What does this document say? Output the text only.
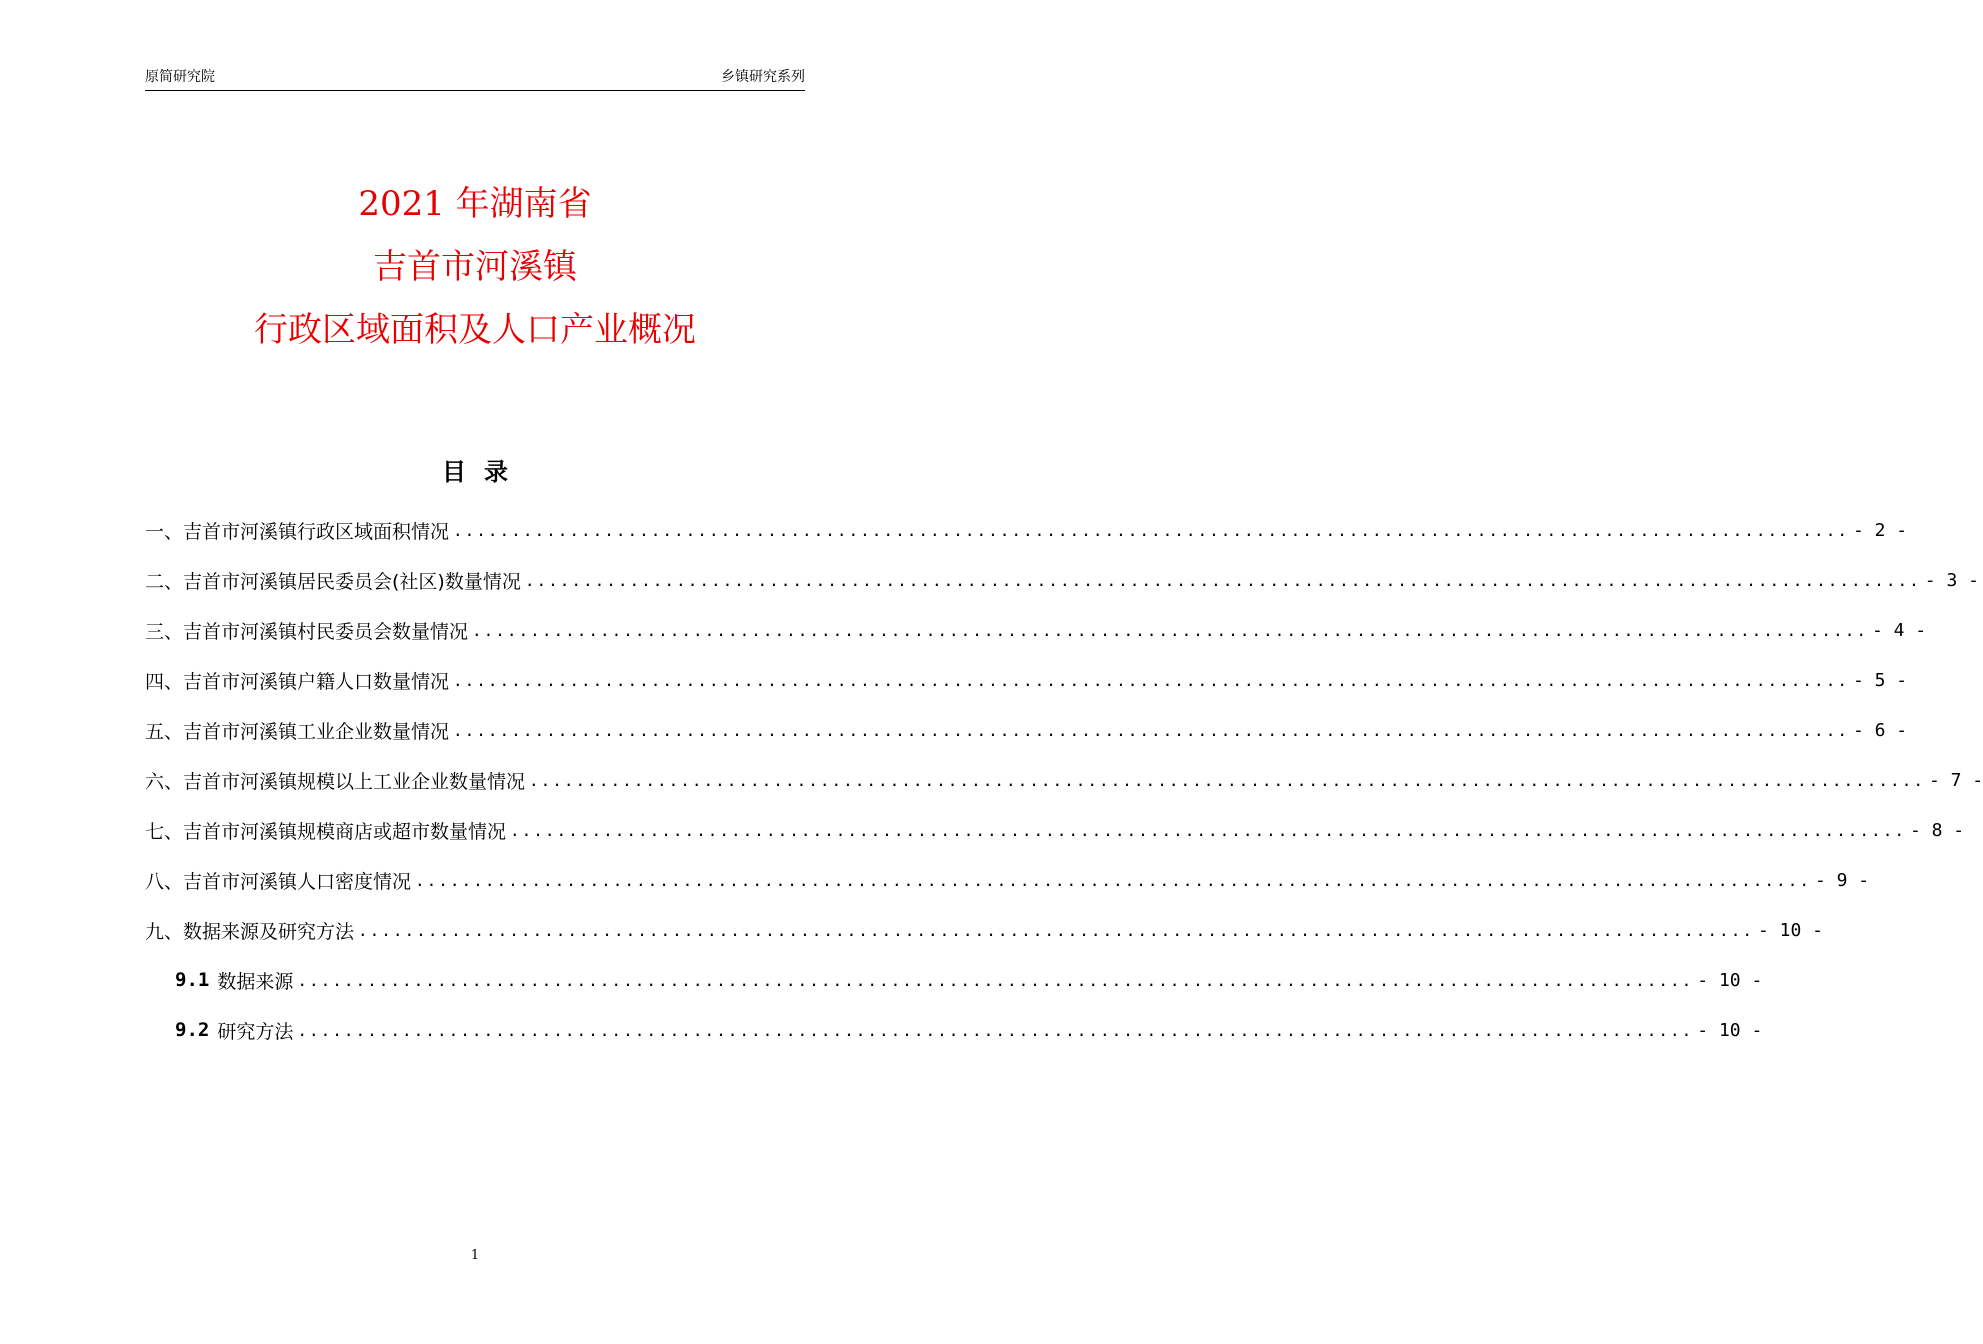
原简研究院	乡镇研究系列
2021 年湖南省
吉首市河溪镇
行政区域面积及人口产业概况
目录
一、吉首市河溪镇行政区域面积情况 ........................................................................................................................ - 2 -
二、吉首市河溪镇居民委员会(社区)数量情况 ........................................................................................................................ - 3 -
三、吉首市河溪镇村民委员会数量情况 ........................................................................................................................ - 4 -
四、吉首市河溪镇户籍人口数量情况 ........................................................................................................................ - 5 -
五、吉首市河溪镇工业企业数量情况 ........................................................................................................................ - 6 -
六、吉首市河溪镇规模以上工业企业数量情况 ........................................................................................................................ - 7 -
七、吉首市河溪镇规模商店或超市数量情况 ........................................................................................................................ - 8 -
八、吉首市河溪镇人口密度情况 ........................................................................................................................ - 9 -
九、数据来源及研究方法 ........................................................................................................................ - 10 -
9.1 数据来源 ........................................................................................................................ - 10 -
9.2 研究方法 ........................................................................................................................ - 10 -
1
